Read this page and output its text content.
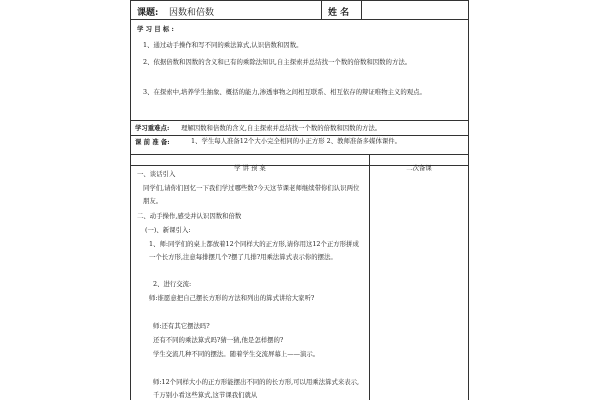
课题: 因数和倍数	姓 名
学 习 目 标 :
1、通过动手操作和写不同的乘法算式,认识倍数和因数。
2、依据倍数和因数的含义和已有的乘除法知识,自主探索并总结找一个数的倍数和因数的方法。
3、在探索中,培养学生抽象、概括的能力,渗透事物之间相互联系、相互依存的辩证唯物主义的观点。
学习重难点: 理解因数和倍数的含义,自主探索并总结找一个数的倍数和因数的方法。
课 前 准 备:	1、学生每人准备12个大小完全相同的小正方形 2、教师准备多媒体课件。
学 讲 预 案	二次备课
一、谈话引入
同学们,请你们回忆一下我们学过哪些数?今天这节课老师继续带你们认识两位朋友。
二、动手操作,感受并认识因数和倍数
(一)、新课引入:
1、师:同学们的桌上都放着12个同样大的正方形,请你用这12个正方形拼成一个长方形,注意每排摆几个?摆了几排?用乘法算式表示你的摆法。
2、进行交流:
师:谁愿意把自己摆长方形的方法和列出的算式讲给大家听?
师:还有其它摆法吗?
还有不同的乘法算式吗?猜一猜,他是怎样摆的?
学生交流几种不同的摆法。随着学生交流屏幕上——演示。
师:12个同样大小的正方形能摆出不同的的长方形,可以用乘法算式来表示,千万别小看这些算式,这节课我们就从
